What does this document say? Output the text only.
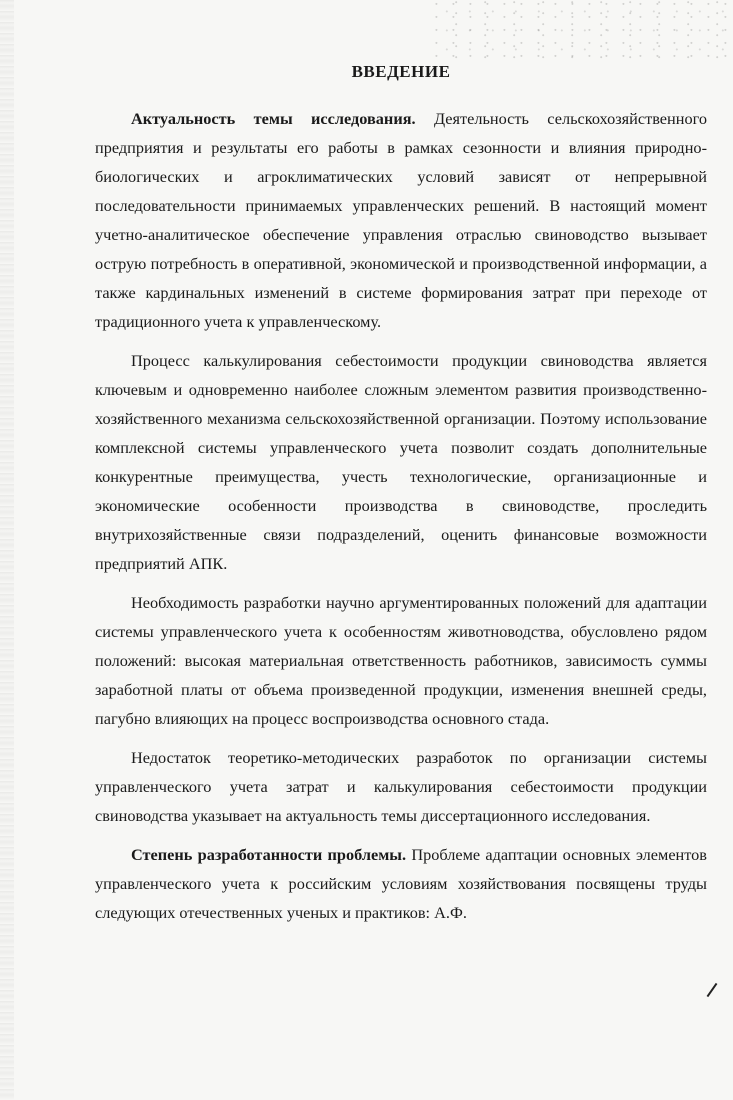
ВВЕДЕНИЕ

Актуальность темы исследования. Деятельность сельскохозяйственного предприятия и результаты его работы в рамках сезонности и влияния природно-биологических и агроклиматических условий зависят от непрерывной последовательности принимаемых управленческих решений. В настоящий момент учетно-аналитическое обеспечение управления отраслью свиноводство вызывает острую потребность в оперативной, экономической и производственной информации, а также кардинальных изменений в системе формирования затрат при переходе от традиционного учета к управленческому.

Процесс калькулирования себестоимости продукции свиноводства является ключевым и одновременно наиболее сложным элементом развития производственно-хозяйственного механизма сельскохозяйственной организации. Поэтому использование комплексной системы управленческого учета позволит создать дополнительные конкурентные преимущества, учесть технологические, организационные и экономические особенности производства в свиноводстве, проследить внутрихозяйственные связи подразделений, оценить финансовые возможности предприятий АПК.

Необходимость разработки научно аргументированных положений для адаптации системы управленческого учета к особенностям животноводства, обусловлено рядом положений: высокая материальная ответственность работников, зависимость суммы заработной платы от объема произведенной продукции, изменения внешней среды, пагубно влияющих на процесс воспроизводства основного стада.

Недостаток теоретико-методических разработок по организации системы управленческого учета затрат и калькулирования себестоимости продукции свиноводства указывает на актуальность темы диссертационного исследования.

Степень разработанности проблемы. Проблеме адаптации основных элементов управленческого учета к российским условиям хозяйствования посвящены труды следующих отечественных ученых и практиков: А.Ф.
